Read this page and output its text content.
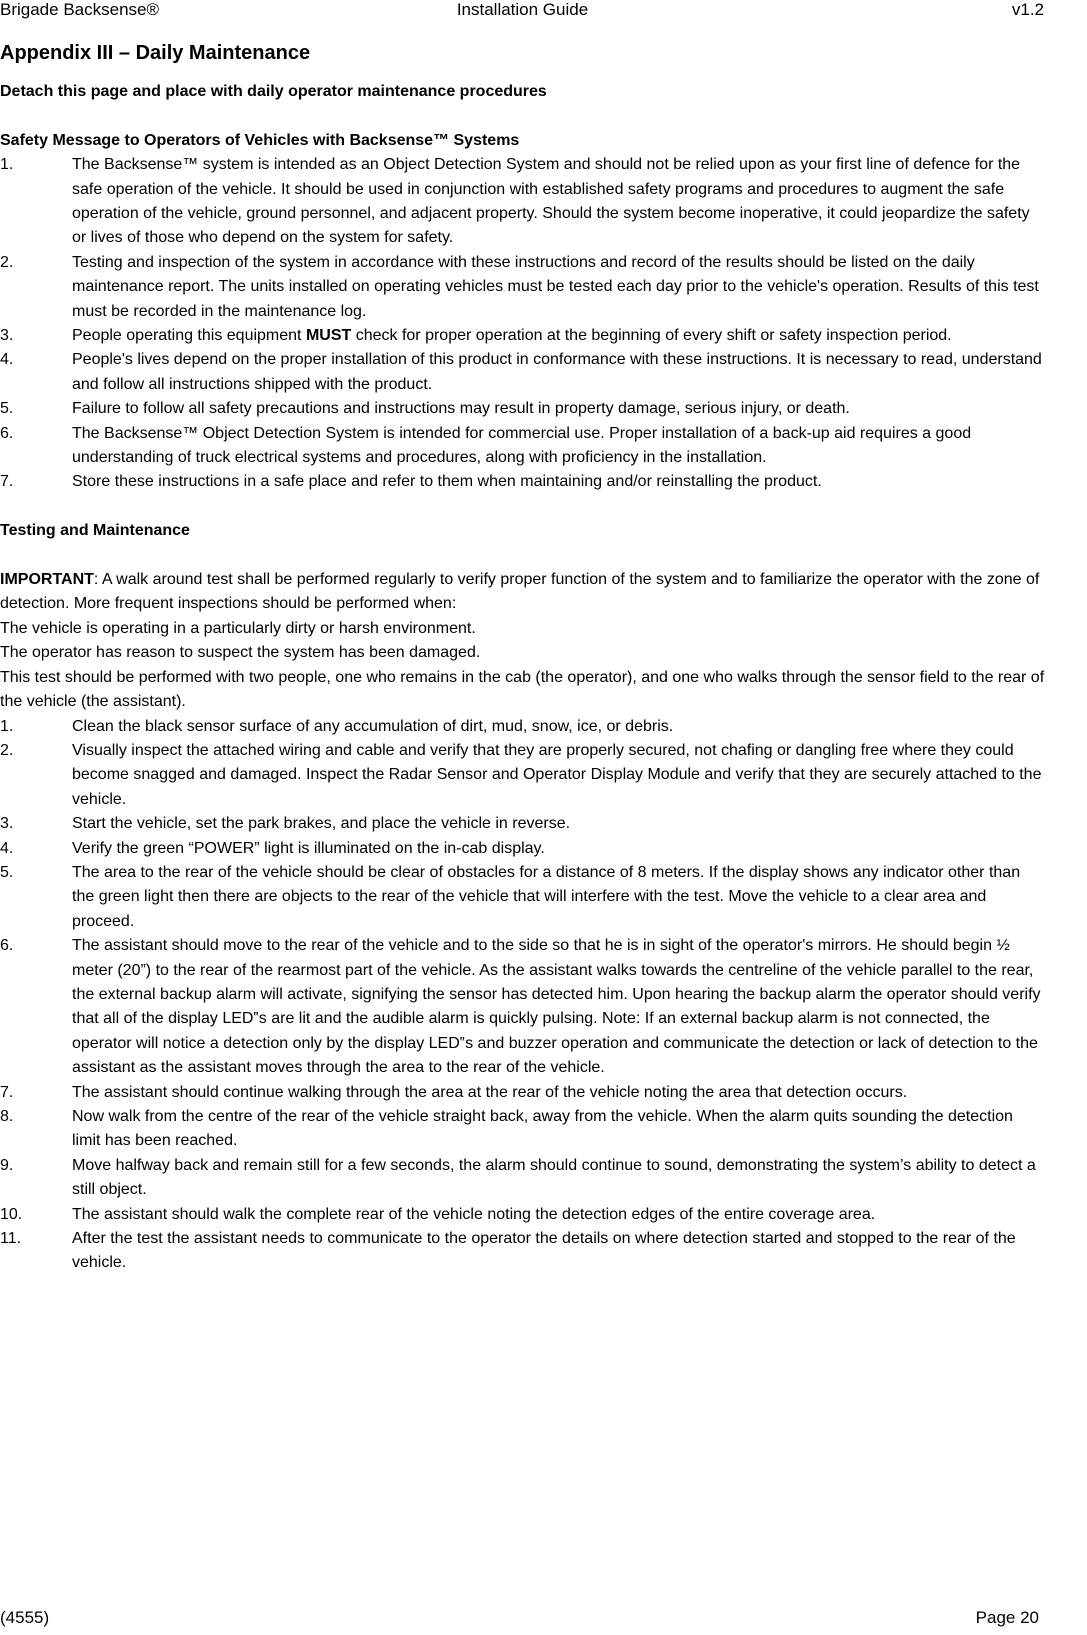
Brigade Backsense®	Installation Guide	v1.2
Appendix III – Daily Maintenance

Detach this page and place with daily operator maintenance procedures

Safety Message to Operators of Vehicles with Backsense™ Systems

1.	The Backsense™ system is intended as an Object Detection System and should not be relied upon as your first line of defence for the safe operation of the vehicle. It should be used in conjunction with established safety programs and procedures to augment the safe operation of the vehicle, ground personnel, and adjacent property. Should the system become inoperative, it could jeopardize the safety or lives of those who depend on the system for safety.
2.	Testing and inspection of the system in accordance with these instructions and record of the results should be listed on the daily maintenance report. The units installed on operating vehicles must be tested each day prior to the vehicle's operation. Results of this test must be recorded in the maintenance log.
3.	People operating this equipment MUST check for proper operation at the beginning of every shift or safety inspection period.
4.	People's lives depend on the proper installation of this product in conformance with these instructions. It is necessary to read, understand and follow all instructions shipped with the product.
5.	Failure to follow all safety precautions and instructions may result in property damage, serious injury, or death.
6.	The Backsense™ Object Detection System is intended for commercial use. Proper installation of a back-up aid requires a good understanding of truck electrical systems and procedures, along with proficiency in the installation.
7.	Store these instructions in a safe place and refer to them when maintaining and/or reinstalling the product.

Testing and Maintenance

IMPORTANT: A walk around test shall be performed regularly to verify proper function of the system and to familiarize the operator with the zone of detection. More frequent inspections should be performed when:

The vehicle is operating in a particularly dirty or harsh environment.

The operator has reason to suspect the system has been damaged.

This test should be performed with two people, one who remains in the cab (the operator), and one who walks through the sensor field to the rear of the vehicle (the assistant).

1.	Clean the black sensor surface of any accumulation of dirt, mud, snow, ice, or debris.
2.	Visually inspect the attached wiring and cable and verify that they are properly secured, not chafing or dangling free where they could become snagged and damaged. Inspect the Radar Sensor and Operator Display Module and verify that they are securely attached to the vehicle.
3.	Start the vehicle, set the park brakes, and place the vehicle in reverse.
4.	Verify the green “POWER” light is illuminated on the in-cab display.
5.	The area to the rear of the vehicle should be clear of obstacles for a distance of 8 meters. If the display shows any indicator other than the green light then there are objects to the rear of the vehicle that will interfere with the test. Move the vehicle to a clear area and proceed.
6.	The assistant should move to the rear of the vehicle and to the side so that he is in sight of the operator's mirrors. He should begin ½ meter (20”) to the rear of the rearmost part of the vehicle. As the assistant walks towards the centreline of the vehicle parallel to the rear, the external backup alarm will activate, signifying the sensor has detected him. Upon hearing the backup alarm the operator should verify that all of the display LED‟s are lit and the audible alarm is quickly pulsing. Note: If an external backup alarm is not connected, the operator will notice a detection only by the display LED‟s and buzzer operation and communicate the detection or lack of detection to the assistant as the assistant moves through the area to the rear of the vehicle.
7.	The assistant should continue walking through the area at the rear of the vehicle noting the area that detection occurs.
8.	Now walk from the centre of the rear of the vehicle straight back, away from the vehicle. When the alarm quits sounding the detection limit has been reached.
9.	Move halfway back and remain still for a few seconds, the alarm should continue to sound, demonstrating the system’s ability to detect a still object.
10.	The assistant should walk the complete rear of the vehicle noting the detection edges of the entire coverage area.
11.	After the test the assistant needs to communicate to the operator the details on where detection started and stopped to the rear of the vehicle.
(4555)	Page 20
